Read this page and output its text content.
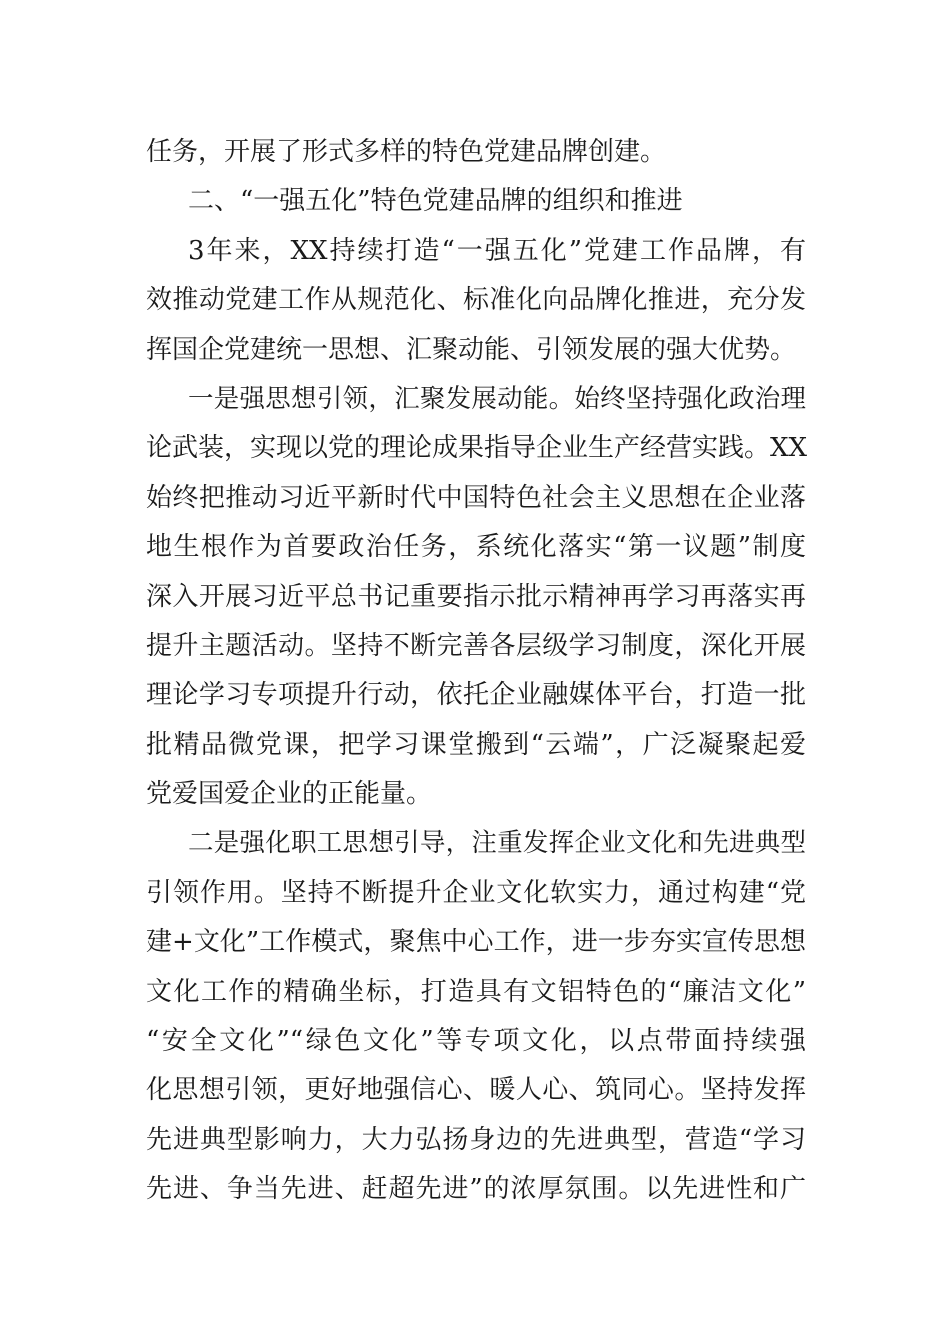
任务，开展了形式多样的特色党建品牌创建。
二、“一强五化”特色党建品牌的组织和推进
3年来，XX持续打造“一强五化”党建工作品牌，有
效推动党建工作从规范化、标准化向品牌化推进，充分发
挥国企党建统一思想、汇聚动能、引领发展的强大优势。
一是强思想引领，汇聚发展动能。始终坚持强化政治理
论武装，实现以党的理论成果指导企业生产经营实践。XX
始终把推动习近平新时代中国特色社会主义思想在企业落
地生根作为首要政治任务，系统化落实“第一议题”制度
深入开展习近平总书记重要指示批示精神再学习再落实再
提升主题活动。坚持不断完善各层级学习制度，深化开展
理论学习专项提升行动，依托企业融媒体平台，打造一批
批精品微党课，把学习课堂搬到“云端”，广泛凝聚起爱
党爱国爱企业的正能量。
二是强化职工思想引导，注重发挥企业文化和先进典型
引领作用。坚持不断提升企业文化软实力，通过构建“党
建+文化”工作模式，聚焦中心工作，进一步夯实宣传思想
文化工作的精确坐标，打造具有文铝特色的“廉洁文化”
“安全文化”“绿色文化”等专项文化，以点带面持续强
化思想引领，更好地强信心、暖人心、筑同心。坚持发挥
先进典型影响力，大力弘扬身边的先进典型，营造“学习
先进、争当先进、赶超先进”的浓厚氛围。以先进性和广
